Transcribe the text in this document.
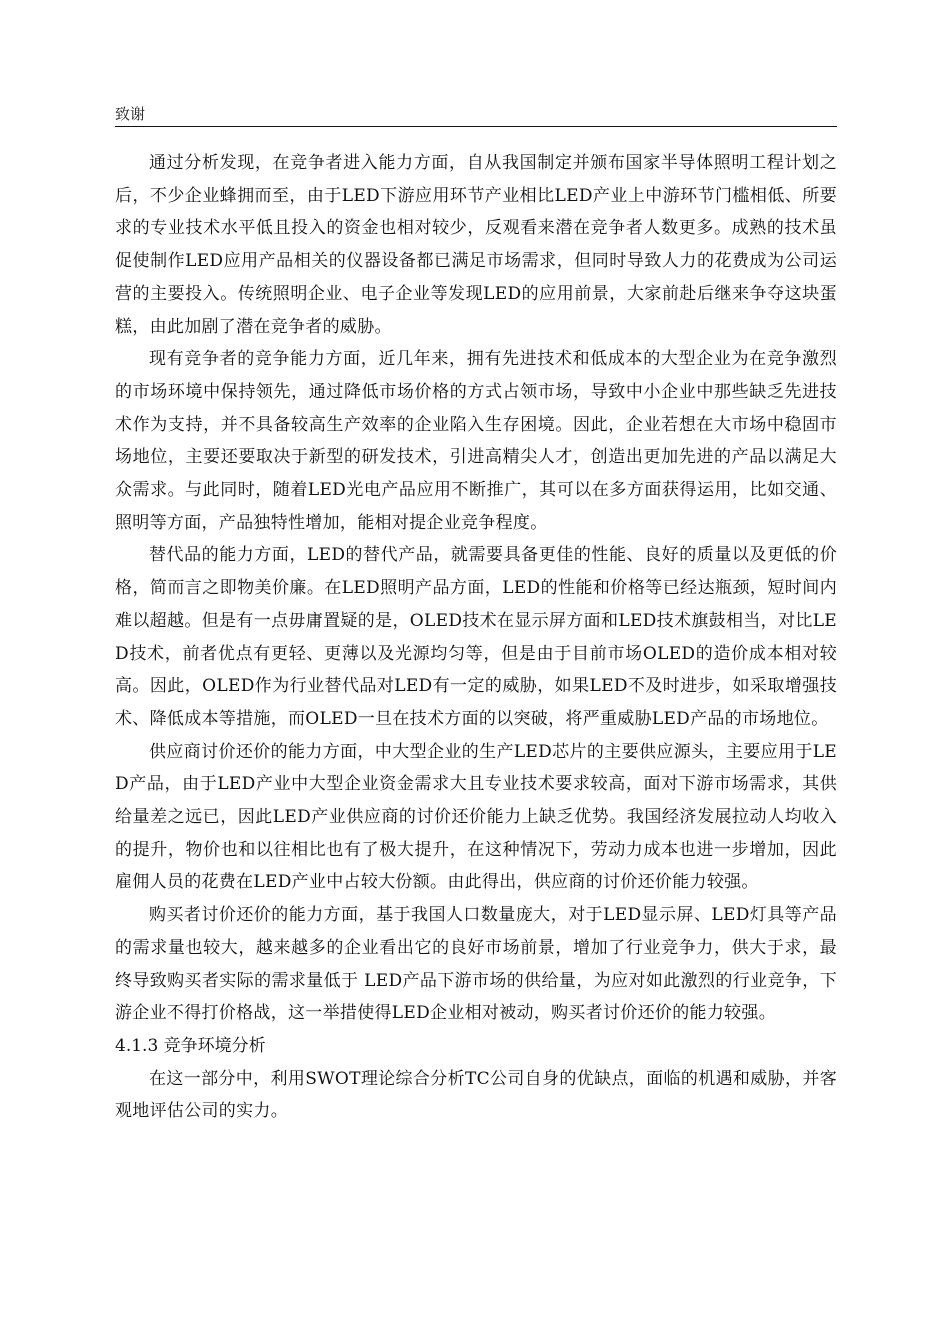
致谢

通过分析发现，在竞争者进入能力方面，自从我国制定并颁布国家半导体照明工程计划之后，不少企业蜂拥而至，由于LED下游应用环节产业相比LED产业上中游环节门槛相低、所要求的专业技术水平低且投入的资金也相对较少，反观看来潜在竞争者人数更多。成熟的技术虽促使制作LED应用产品相关的仪器设备都已满足市场需求，但同时导致人力的花费成为公司运营的主要投入。传统照明企业、电子企业等发现LED的应用前景，大家前赴后继来争夺这块蛋糕，由此加剧了潜在竞争者的威胁。

现有竞争者的竞争能力方面，近几年来，拥有先进技术和低成本的大型企业为在竞争激烈的市场环境中保持领先，通过降低市场价格的方式占领市场，导致中小企业中那些缺乏先进技术作为支持，并不具备较高生产效率的企业陷入生存困境。因此，企业若想在大市场中稳固市场地位，主要还要取决于新型的研发技术，引进高精尖人才，创造出更加先进的产品以满足大众需求。与此同时，随着LED光电产品应用不断推广，其可以在多方面获得运用，比如交通、照明等方面，产品独特性增加，能相对提企业竞争程度。

替代品的能力方面，LED的替代产品，就需要具备更佳的性能、良好的质量以及更低的价格，简而言之即物美价廉。在LED照明产品方面，LED的性能和价格等已经达瓶颈，短时间内难以超越。但是有一点毋庸置疑的是，OLED技术在显示屏方面和LED技术旗鼓相当，对比LED技术，前者优点有更轻、更薄以及光源均匀等，但是由于目前市场OLED的造价成本相对较高。因此，OLED作为行业替代品对LED有一定的威胁，如果LED不及时进步，如采取增强技术、降低成本等措施，而OLED一旦在技术方面的以突破，将严重威胁LED产品的市场地位。

供应商讨价还价的能力方面，中大型企业的生产LED芯片的主要供应源头，主要应用于LED产品，由于LED产业中大型企业资金需求大且专业技术要求较高，面对下游市场需求，其供给量差之远已，因此LED产业供应商的讨价还价能力上缺乏优势。我国经济发展拉动人均收入的提升，物价也和以往相比也有了极大提升，在这种情况下，劳动力成本也进一步增加，因此雇佣人员的花费在LED产业中占较大份额。由此得出，供应商的讨价还价能力较强。

购买者讨价还价的能力方面，基于我国人口数量庞大，对于LED显示屏、LED灯具等产品的需求量也较大，越来越多的企业看出它的良好市场前景，增加了行业竞争力，供大于求，最终导致购买者实际的需求量低于 LED产品下游市场的供给量，为应对如此激烈的行业竞争，下游企业不得打价格战，这一举措使得LED企业相对被动，购买者讨价还价的能力较强。

4.1.3 竞争环境分析

在这一部分中，利用SWOT理论综合分析TC公司自身的优缺点，面临的机遇和威胁，并客观地评估公司的实力。
